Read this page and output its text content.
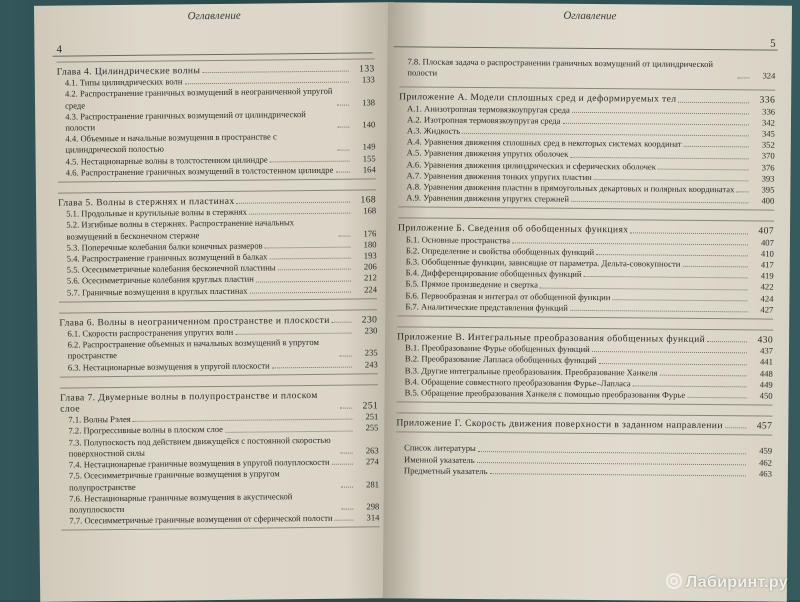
Оглавление
4
Глава 4. Цилиндрические волны	133
4.1. Типы цилиндрических волн	133
4.2. Распространение граничных возмущений в неограниченной упругой среде	138
4.3. Распространение граничных возмущений от цилиндрической полости	140
4.4. Объемные и начальные возмущения в пространстве с цилиндрической полостью	149
4.5. Нестационарные волны в толстостенном цилиндре	155
4.6. Распространение граничных возмущений в толстостенном цилиндре	164
Глава 5. Волны в стержнях и пластинах	168
5.1. Продольные и крутильные волны в стержнях	168
5.2. Изгибные волны в стержнях. Распространение начальных возмущений в бесконечном стержне	176
5.3. Поперечные колебания балки конечных размеров	180
5.4. Распространение граничных возмущений в балках	193
5.5. Осесимметричные колебания бесконечной пластины	206
5.6. Осесимметричные колебания круглых пластин	212
5.7. Граничные возмущения в круглых пластинах	224
Глава 6. Волны в неограниченном пространстве и плоскости	230
6.1. Скорости распространения упругих волн	230
6.2. Распространение объемных и начальных возмущений в упругом пространстве	235
6.3. Нестационарные возмущения в упругой плоскости	243
Глава 7. Двумерные волны в полупространстве и плоском слое	251
7.1. Волны Рэлея	251
7.2. Прогрессивные волны в плоском слое	255
7.3. Полупоскость под действием движущейся с постоянной скоростью поверхностной силы	263
7.4. Нестационарные граничные возмущения в упругой полуплоскости	274
7.5. Осесимметричные граничные возмущения в упругом полупространстве	281
7.6. Нестационарные граничные возмущения в акустической полуплоскости	298
7.7. Осесимметричные граничные возмущения от сферической полости	314
Оглавление
5
7.8. Плоская задача о распространении граничных возмущений от цилиндрической полости	324
Приложение А. Модели сплошных сред и деформируемых тел	336
А.1. Анизотропная термовязкоупругая среда	336
А.2. Изотропная термовязкоупругая среда	342
А.3. Жидкость	345
А.4. Уравнения движения сплошных сред в некоторых системах координат	352
А.5. Уравнения движения упругих оболочек	370
А.6. Уравнения движения цилиндрических и сферических оболочек	376
А.7. Уравнения движения тонких упругих пластин	393
А.8. Уравнения движения пластин в прямоугольных декартовых и полярных координатах	395
А.9. Уравнения движения упругих стержней	400
Приложение Б. Сведения об обобщенных функциях	407
Б.1. Основные пространства	407
Б.2. Определение и свойства обобщенных функций	410
Б.3. Обобщенные функции, зависящие от параметра. Дельта-совокупности	417
Б.4. Дифференцирование обобщенных функций	419
Б.5. Прямое произведение и свертка	422
Б.6. Первообразная и интеграл от обобщенной функции	424
Б.7. Аналитические представления функций	427
Приложение В. Интегральные преобразования обобщенных функций	430
В.1. Преобразование Фурье обобщенных функций	437
В.2. Преобразование Лапласа обобщенных функций	441
В.3. Другие интегральные преобразования. Преобразование Ханкеля	448
В.4. Обращение совместного преобразования Фурье–Лапласа	449
В.5. Обращение преобразования Ханкеля с помощью преобразования Фурье	450
Приложение Г. Скорость движения поверхности в заданном направлении	457
Список литературы	459
Именной указатель	462
Предметный указатель	463
Лабиринт.ру
